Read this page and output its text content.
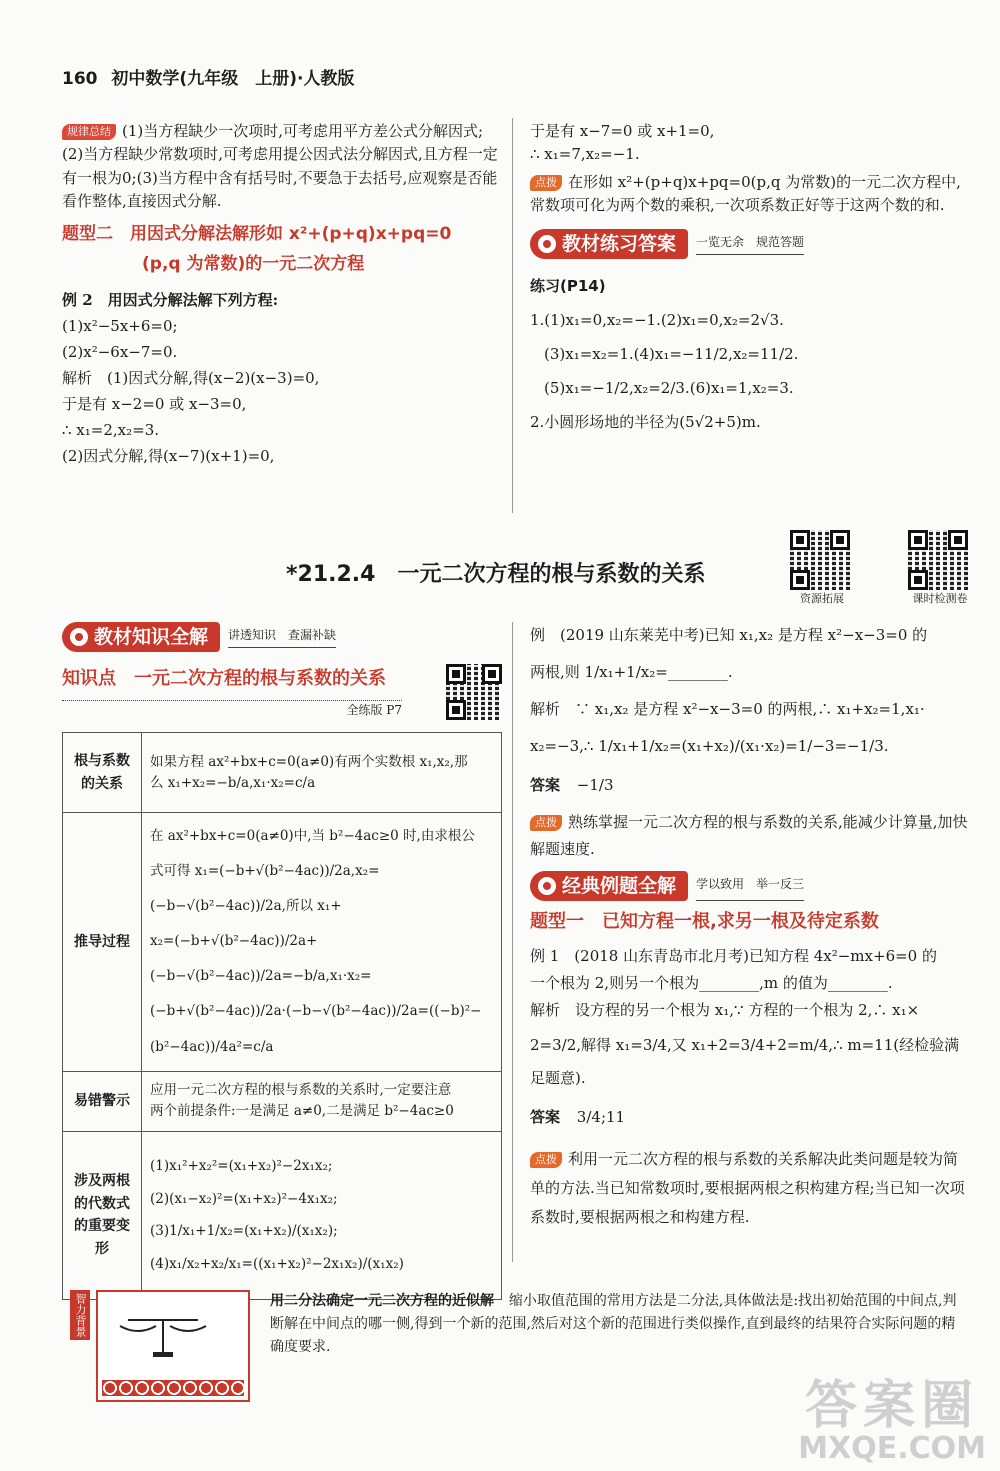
160 初中数学(九年级　上册)·人教版

规律总结 (1)当方程缺少一次项时,可考虑用平方差公式分解因式;(2)当方程缺少常数项时,可考虑用提公因式法分解因式,且方程一定有一根为0;(3)当方程中含有括号时,不要急于去括号,应观察是否能看作整体,直接因式分解.

题型二　用因式分解法解形如 x²+(p+q)x+pq=0
(p,q 为常数)的一元二次方程
例 2　用因式分解法解下列方程:
(1)x²−5x+6=0;
(2)x²−6x−7=0.
解析　(1)因式分解,得(x−2)(x−3)=0,
于是有 x−2=0 或 x−3=0,
∴ x₁=2,x₂=3.
(2)因式分解,得(x−7)(x+1)=0,
于是有 x−7=0 或 x+1=0,
∴ x₁=7,x₂=−1.

点拨 在形如 x²+(p+q)x+pq=0(p,q 为常数)的一元二次方程中,常数项可化为两个数的乘积,一次项系数正好等于这两个数的和.

教材练习答案 一览无余　规范答题
练习(P14)
1.(1)x₁=0,x₂=−1.(2)x₁=0,x₂=2√3.
(3)x₁=x₂=1.(4)x₁=−11/2,x₂=11/2.
(5)x₁=−1/2,x₂=2/3.(6)x₁=1,x₂=3.
2.小圆形场地的半径为(5√2+5)m.
*21.2.4　一元二次方程的根与系数的关系
资源拓展	课时检测卷
教材知识全解 讲透知识　查漏补缺
知识点　一元二次方程的根与系数的关系
全练版 P7
根与系数的关系	如果方程 ax²+bx+c=0(a≠0)有两个实数根 x₁,x₂,那
么 x₁+x₂=−b/a,x₁·x₂=c/a

推导过程	在 ax²+bx+c=0(a≠0)中,当 b²−4ac≥0 时,由求根公
式可得 x₁=(−b+√(b²−4ac))/2a,x₂=(−b−√(b²−4ac))/2a,所以 x₁+
x₂=(−b+√(b²−4ac))/2a+(−b−√(b²−4ac))/2a=−b/a,x₁·x₂=
(−b+√(b²−4ac))/2a·(−b−√(b²−4ac))/2a=((−b)²−(b²−4ac))/4a²=c/a

易错警示	应用一元二次方程的根与系数的关系时,一定要注意
两个前提条件:一是满足 a≠0,二是满足 b²−4ac≥0

涉及两根的代数式的重要变形	(1)x₁²+x₂²=(x₁+x₂)²−2x₁x₂;
(2)(x₁−x₂)²=(x₁+x₂)²−4x₁x₂;
(3)1/x₁+1/x₂=(x₁+x₂)/(x₁x₂);
(4)x₁/x₂+x₂/x₁=((x₁+x₂)²−2x₁x₂)/(x₁x₂)
例　(2019 山东莱芜中考)已知 x₁,x₂ 是方程 x²−x−3=0 的
两根,则 1/x₁+1/x₂=________.
解析　∵ x₁,x₂ 是方程 x²−x−3=0 的两根,∴ x₁+x₂=1,x₁·
x₂=−3,∴ 1/x₁+1/x₂=(x₁+x₂)/(x₁·x₂)=1/−3=−1/3.
答案 −1/3

点拨 熟练掌握一元二次方程的根与系数的关系,能减少计算量,加快解题速度.

经典例题全解 学以致用　举一反三
题型一　已知方程一根,求另一根及待定系数
例 1　(2018 山东青岛市北月考)已知方程 4x²−mx+6=0 的
一个根为 2,则另一个根为________,m 的值为________.
解析　设方程的另一个根为 x₁,∵ 方程的一个根为 2,∴ x₁×
2=3/2,解得 x₁=3/4,又 x₁+2=3/4+2=m/4,∴ m=11(经检验满
足题意).
答案 3/4;11

点拨 利用一元二次方程的根与系数的关系解决此类问题是较为简单的方法.当已知常数项时,要根据两根之积构建方程;当已知一次项系数时,要根据两根之和构建方程.

智力背景	用二分法确定一元二次方程的近似解 缩小取值范围的常用方法是二分法,具体做法是:找出初始范围的中间点,判断解在中间点的哪一侧,得到一个新的范围,然后对这个新的范围进行类似操作,直到最终的结果符合实际问题的精确度要求.
答案圈
MXQE.COM
